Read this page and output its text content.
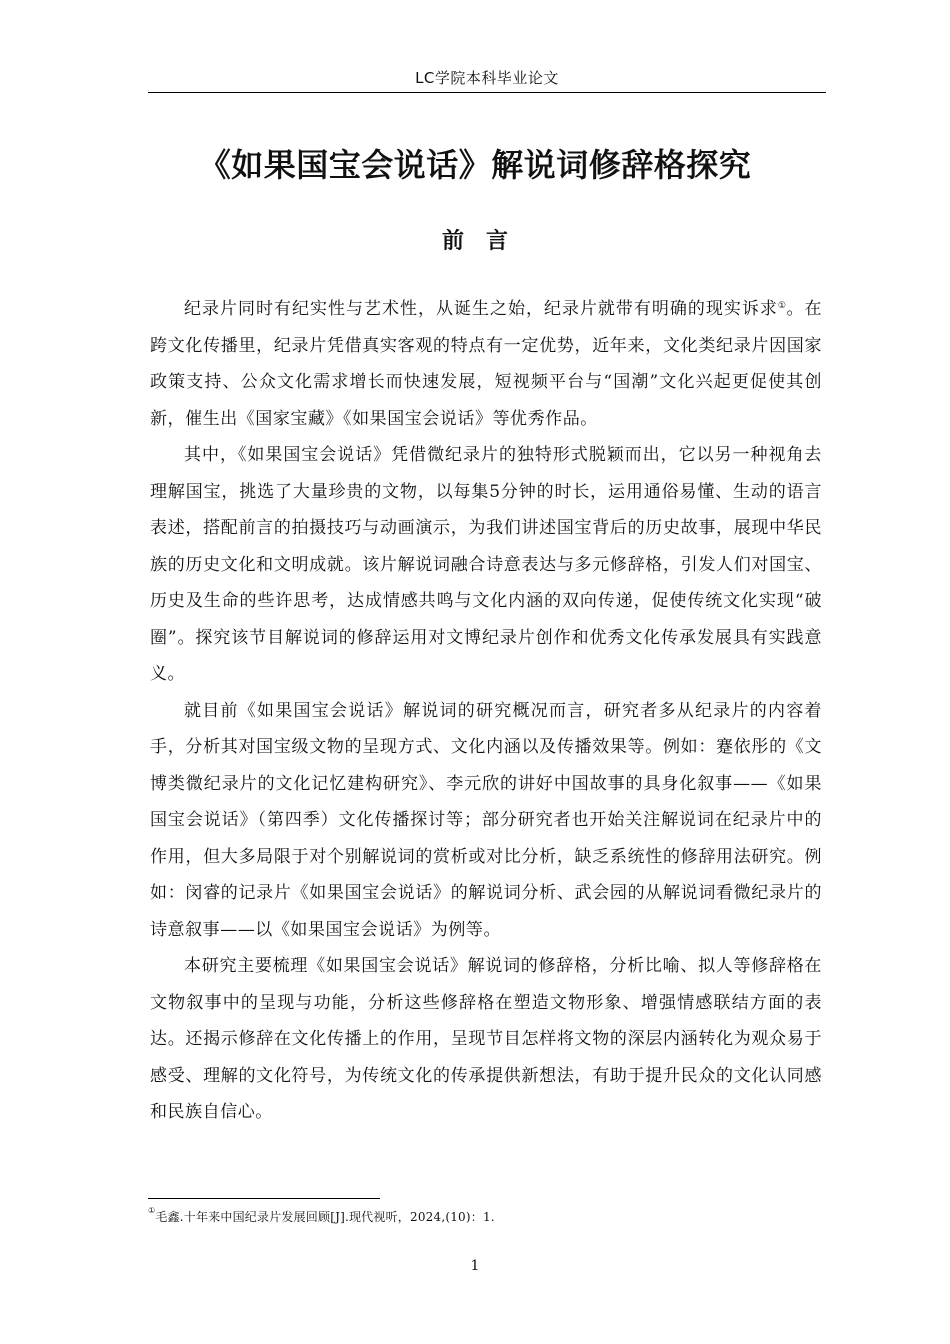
LC学院本科毕业论文
《如果国宝会说话》解说词修辞格探究
前言

纪录片同时有纪实性与艺术性，从诞生之始，纪录片就带有明确的现实诉求①。在跨文化传播里，纪录片凭借真实客观的特点有一定优势，近年来，文化类纪录片因国家政策支持、公众文化需求增长而快速发展，短视频平台与“国潮”文化兴起更促使其创新，催生出《国家宝藏》《如果国宝会说话》等优秀作品。

其中，《如果国宝会说话》凭借微纪录片的独特形式脱颖而出，它以另一种视角去理解国宝，挑选了大量珍贵的文物，以每集5分钟的时长，运用通俗易懂、生动的语言表述，搭配前言的拍摄技巧与动画演示，为我们讲述国宝背后的历史故事，展现中华民族的历史文化和文明成就。该片解说词融合诗意表达与多元修辞格，引发人们对国宝、历史及生命的些许思考，达成情感共鸣与文化内涵的双向传递，促使传统文化实现“破圈”。探究该节目解说词的修辞运用对文博纪录片创作和优秀文化传承发展具有实践意义。

就目前《如果国宝会说话》解说词的研究概况而言，研究者多从纪录片的内容着手，分析其对国宝级文物的呈现方式、文化内涵以及传播效果等。例如：蹇依彤的《文博类微纪录片的文化记忆建构研究》、李元欣的讲好中国故事的具身化叙事——《如果国宝会说话》（第四季）文化传播探讨等；部分研究者也开始关注解说词在纪录片中的作用，但大多局限于对个别解说词的赏析或对比分析，缺乏系统性的修辞用法研究。例如：闵睿的记录片《如果国宝会说话》的解说词分析、武会园的从解说词看微纪录片的诗意叙事——以《如果国宝会说话》为例等。

本研究主要梳理《如果国宝会说话》解说词的修辞格，分析比喻、拟人等修辞格在文物叙事中的呈现与功能，分析这些修辞格在塑造文物形象、增强情感联结方面的表达。还揭示修辞在文化传播上的作用，呈现节目怎样将文物的深层内涵转化为观众易于感受、理解的文化符号，为传统文化的传承提供新想法，有助于提升民众的文化认同感和民族自信心。

①毛鑫.十年来中国纪录片发展回顾[J].现代视听，2024,(10)：1.
1
